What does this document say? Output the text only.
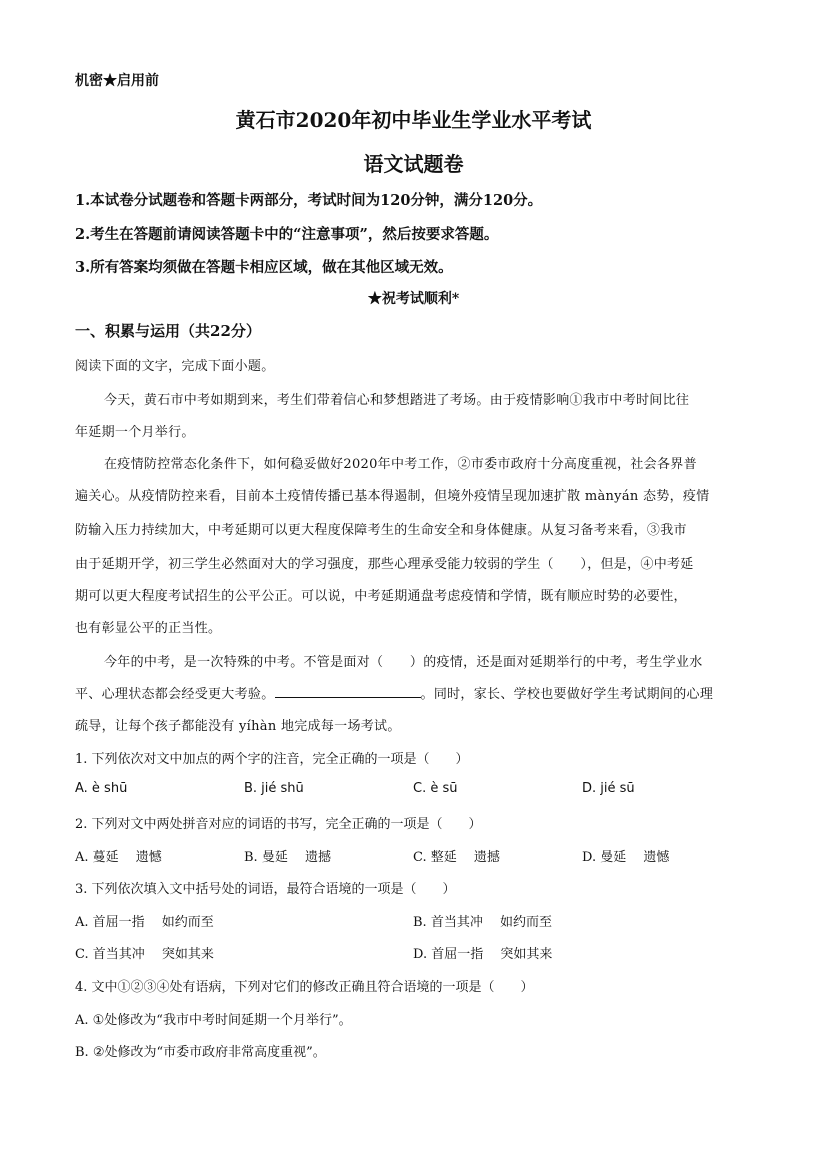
机密★启用前
黄石市2020年初中毕业生学业水平考试
语文试题卷
1.本试卷分试题卷和答题卡两部分，考试时间为120分钟，满分120分。
2.考生在答题前请阅读答题卡中的“注意事项”，然后按要求答题。
3.所有答案均须做在答题卡相应区域，做在其他区域无效。
★祝考试顺利*
一、积累与运用（共22分）
阅读下面的文字，完成下面小题。
今天，黄石市中考如期到来，考生们带着信心和梦想踏进了考场。由于疫情影响①我市中考时间比往
年延期一个月举行。
在疫情防控常态化条件下，如何稳妥做好2020年中考工作，②市委市政府十分高度重视，社会各界普
遍关心。从疫情防控来看，目前本土疫情传播已基本得遏制，但境外疫情呈现加速扩散 mànyán 态势，疫情
防输入压力持续加大，中考延期可以更大程度保障考生的生命安全和身体健康。从复习备考来看，③我市
由于延期开学，初三学生必然面对大的学习强度，那些心理承受能力较弱的学生（　　），但是，④中考延
期可以更大程度考试招生的公平公正。可以说，中考延期通盘考虑疫情和学情，既有顺应时势的必要性，
也有彰显公平的正当性。
今年的中考，是一次特殊的中考。不管是面对（　　）的疫情，还是面对延期举行的中考，考生学业水
平、心理状态都会经受更大考验。	。同时，家长、学校也要做好学生考试期间的心理
疏导，让每个孩子都能没有 yíhàn 地完成每一场考试。
1. 下列依次对文中加点的两个字的注音，完全正确的一项是（　　）
A. è shū	B. jié shū	C. è sū	D. jié sū
2. 下列对文中两处拼音对应的词语的书写，完全正确的一项是（　　）
A. 蔓延　 遗憾	B. 曼延　 遗撼	C. 整延　 遗撼	D. 曼延　 遗憾
3. 下列依次填入文中括号处的词语，最符合语境的一项是（　　）
A. 首屈一指　 如约而至	B. 首当其冲　 如约而至
C. 首当其冲　 突如其来	D. 首屈一指　 突如其来
4. 文中①②③④处有语病，下列对它们的修改正确且符合语境的一项是（　　）
A. ①处修改为“我市中考时间延期一个月举行”。
B. ②处修改为“市委市政府非常高度重视”。
